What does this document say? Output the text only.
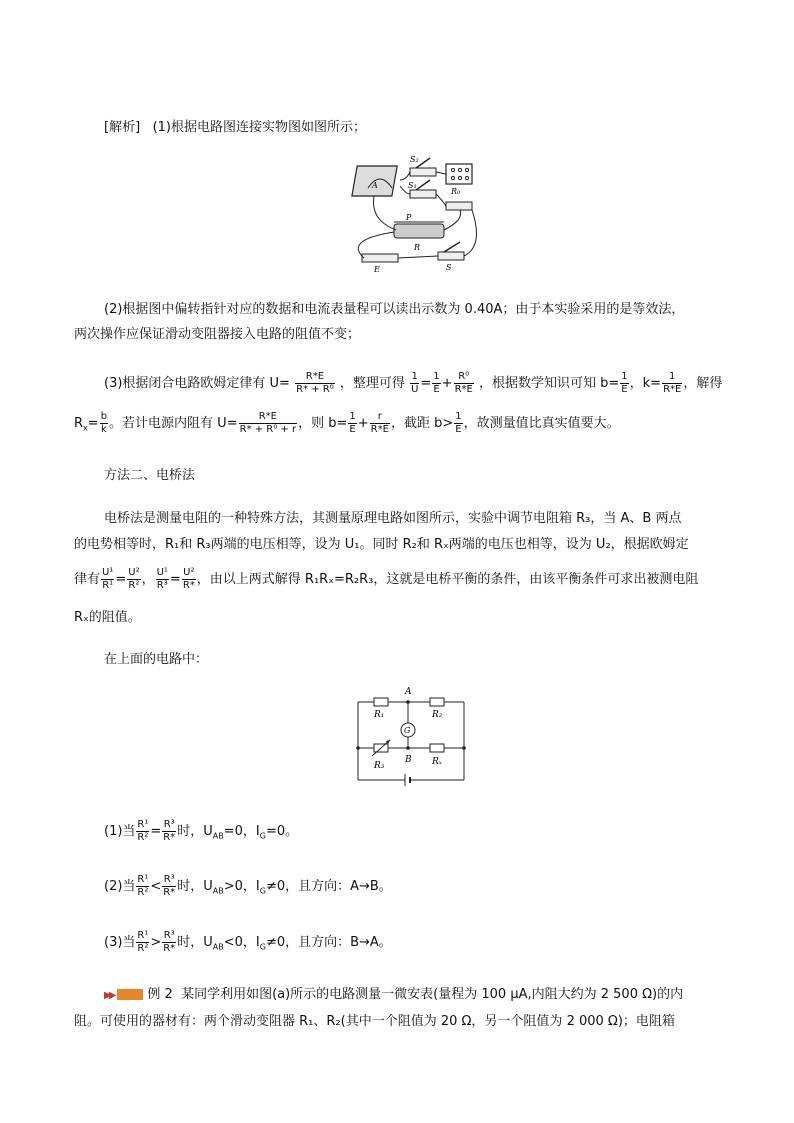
[解析] (1)根据电路图连接实物图如图所示；
A
R₀
S₂
S₁
P
R
E	S
(2)根据图中偏转指针对应的数据和电流表量程可以读出示数为 0.40A；由于本实验采用的是等效法，
两次操作应保证滑动变阻器接入电路的阻值不变；
(3)根据闭合电路欧姆定律有 $U= \frac{R*E}{\text{R* + R⁰}}$ ，整理可得 $\frac{1}{U} = \frac{1}{E} + \frac{\text{R⁰}}{R*E}$ ，根据数学知识可知 $b= \frac{1}{E}$ ，$k= \frac{1}{R*E}$ ，解得
$R_x= \frac{b}{k}$ 。若计电源内阻有 $U= \frac{R*E}{\text{R* + R⁰ + r}}$ ，则 $b= \frac{1}{E} + \frac{r}{R*E}$ ，截距 $b> \frac{1}{E}$ ，故测量值比真实值要大。
方法二、电桥法
电桥法是测量电阻的一种特殊方法，其测量原理电路如图所示，实验中调节电阻箱 R₃，当 A、B 两点
的电势相等时，R₁和 R₃两端的电压相等，设为 U₁。同时 R₂和 Rₓ两端的电压也相等，设为 U₂，根据欧姆定
律有 $\frac{\text{U¹}}{\text{R¹}} = \frac{\text{U²}}{\text{R²}}$ ， $\frac{\text{U¹}}{\text{R³}} = \frac{\text{U²}}{R*}$ ，由以上两式解得 R₁Rₓ=R₂R₃，这就是电桥平衡的条件，由该平衡条件可求出被测电阻
Rₓ的阻值。
在上面的电路中：
A
B
R₁	R₂
R₃	Rₓ
G
(1)当 $\frac{\text{R¹}}{\text{R²}} = \frac{\text{R³}}{R*}$ 时，$U_{AB}=0$，$I_G=0$。
(2)当 $\frac{\text{R¹}}{\text{R²}} < \frac{\text{R³}}{R*}$ 时，$U_{AB}>0$，$I_G\ne 0$，且方向：A→B。
(3)当 $\frac{\text{R¹}}{\text{R²}} > \frac{\text{R³}}{R*}$ 时，$U_{AB}<0$，$I_G\ne 0$，且方向：B→A。
▶▶	例 2 某同学利用如图(a)所示的电路测量一微安表(量程为 100 μA,内阻大约为 2 500 Ω)的内
阻。可使用的器材有：两个滑动变阻器 R₁、R₂(其中一个阻值为 20 Ω，另一个阻值为 2 000 Ω)；电阻箱
